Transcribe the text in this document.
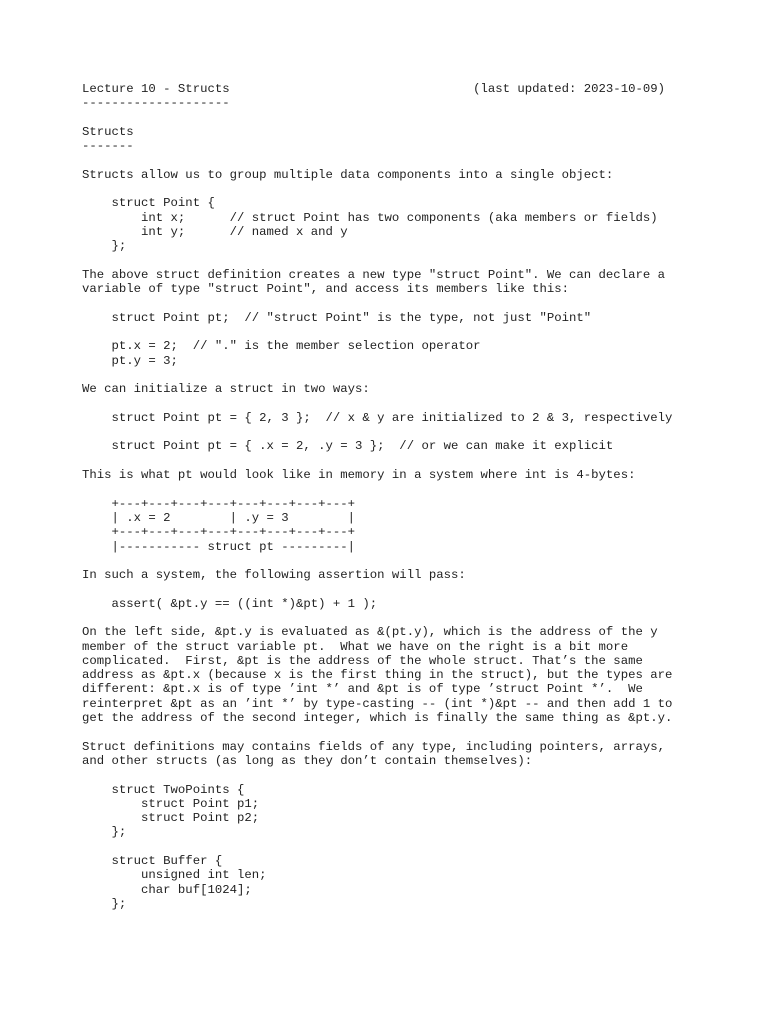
Lecture 10 - Structs                                 (last updated: 2023-10-09)
--------------------
Structs
-------
Structs allow us to group multiple data components into a single object:
struct Point {
int x;      // struct Point has two components (aka members or fields)
int y;      // named x and y
};
The above struct definition creates a new type "struct Point". We can declare a
variable of type "struct Point", and access its members like this:
struct Point pt;  // "struct Point" is the type, not just "Point"
pt.x = 2;  // "." is the member selection operator
pt.y = 3;
We can initialize a struct in two ways:
struct Point pt = { 2, 3 };  // x & y are initialized to 2 & 3, respectively
struct Point pt = { .x = 2, .y = 3 };  // or we can make it explicit
This is what pt would look like in memory in a system where int is 4-bytes:
+---+---+---+---+---+---+---+---+
| .x = 2        | .y = 3        |
+---+---+---+---+---+---+---+---+
|----------- struct pt ---------|
In such a system, the following assertion will pass:
assert( &pt.y == ((int *)&pt) + 1 );
On the left side, &pt.y is evaluated as &(pt.y), which is the address of the y
member of the struct variable pt.  What we have on the right is a bit more
complicated.  First, &pt is the address of the whole struct. That’s the same
address as &pt.x (because x is the first thing in the struct), but the types are
different: &pt.x is of type ’int *’ and &pt is of type ’struct Point *’.  We
reinterpret &pt as an ’int *’ by type-casting -- (int *)&pt -- and then add 1 to
get the address of the second integer, which is finally the same thing as &pt.y.
Struct definitions may contains fields of any type, including pointers, arrays,
and other structs (as long as they don’t contain themselves):
struct TwoPoints {
struct Point p1;
struct Point p2;
};
struct Buffer {
unsigned int len;
char buf[1024];
};
